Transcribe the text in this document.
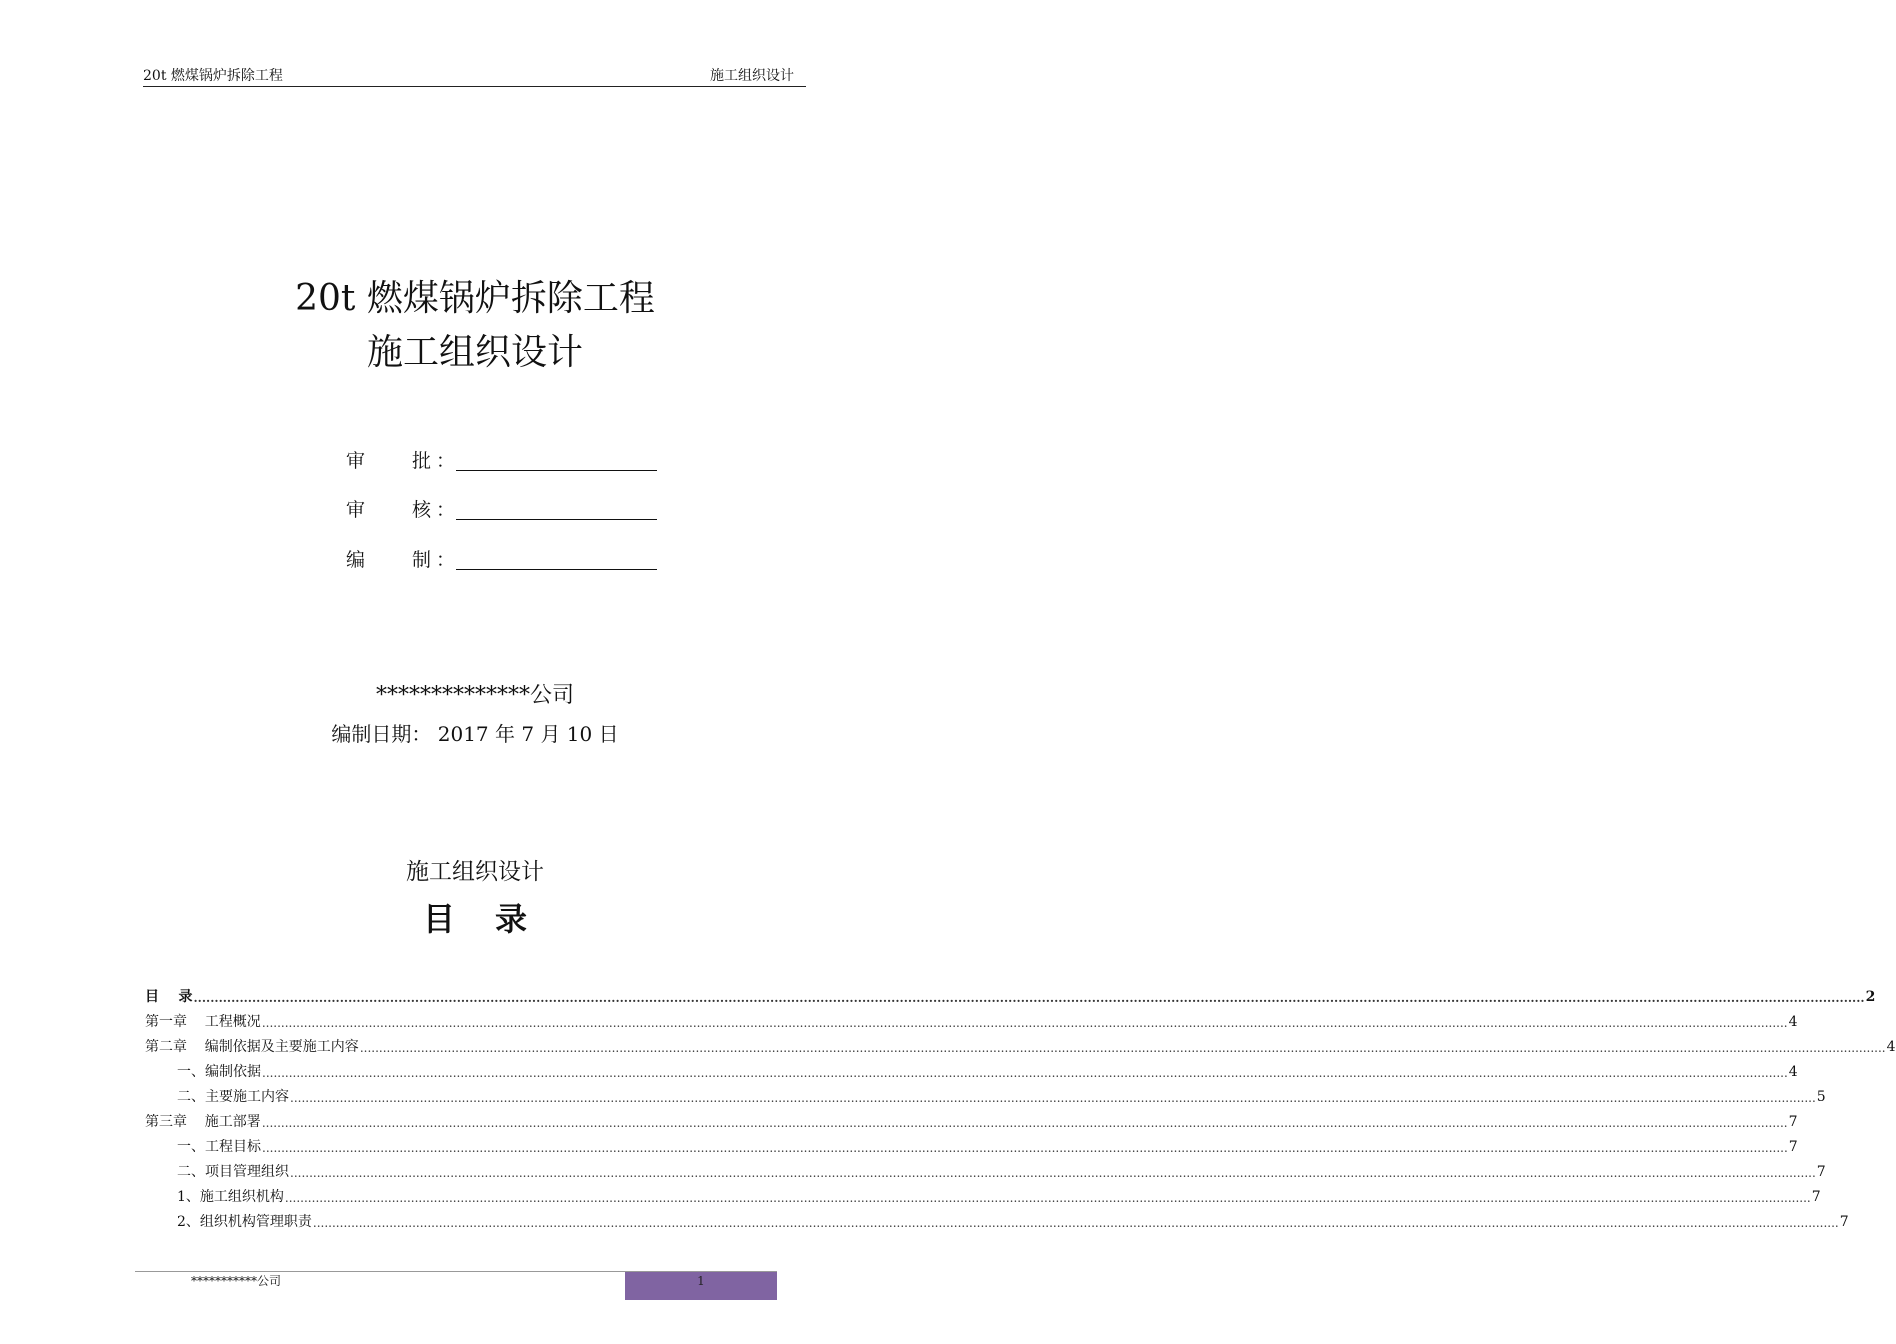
20t 燃煤锅炉拆除工程	施工组织设计
20t 燃煤锅炉拆除工程
施工组织设计
审 批 ：
审 核 ：
编 制 ：
**************公司
编制日期： 2017 年 7 月 10 日
施工组织设计
目录
目    录 ................................................................................................................................................................................................................................................................................................................................................................................................................ 2
第一章    工程概况 ................................................................................................................................................................................................................................................................................................................................................................................................................ 4
第二章    编制依据及主要施工内容 ................................................................................................................................................................................................................................................................................................................................................................................................................ 4
一、编制依据 ................................................................................................................................................................................................................................................................................................................................................................................................................ 4
二、主要施工内容 ................................................................................................................................................................................................................................................................................................................................................................................................................ 5
第三章    施工部署 ................................................................................................................................................................................................................................................................................................................................................................................................................ 7
一、工程目标 ................................................................................................................................................................................................................................................................................................................................................................................................................ 7
二、项目管理组织 ................................................................................................................................................................................................................................................................................................................................................................................................................ 7
1、施工组织机构 ................................................................................................................................................................................................................................................................................................................................................................................................................ 7
2、组织机构管理职责 ................................................................................................................................................................................................................................................................................................................................................................................................................ 7
***********公司	1
